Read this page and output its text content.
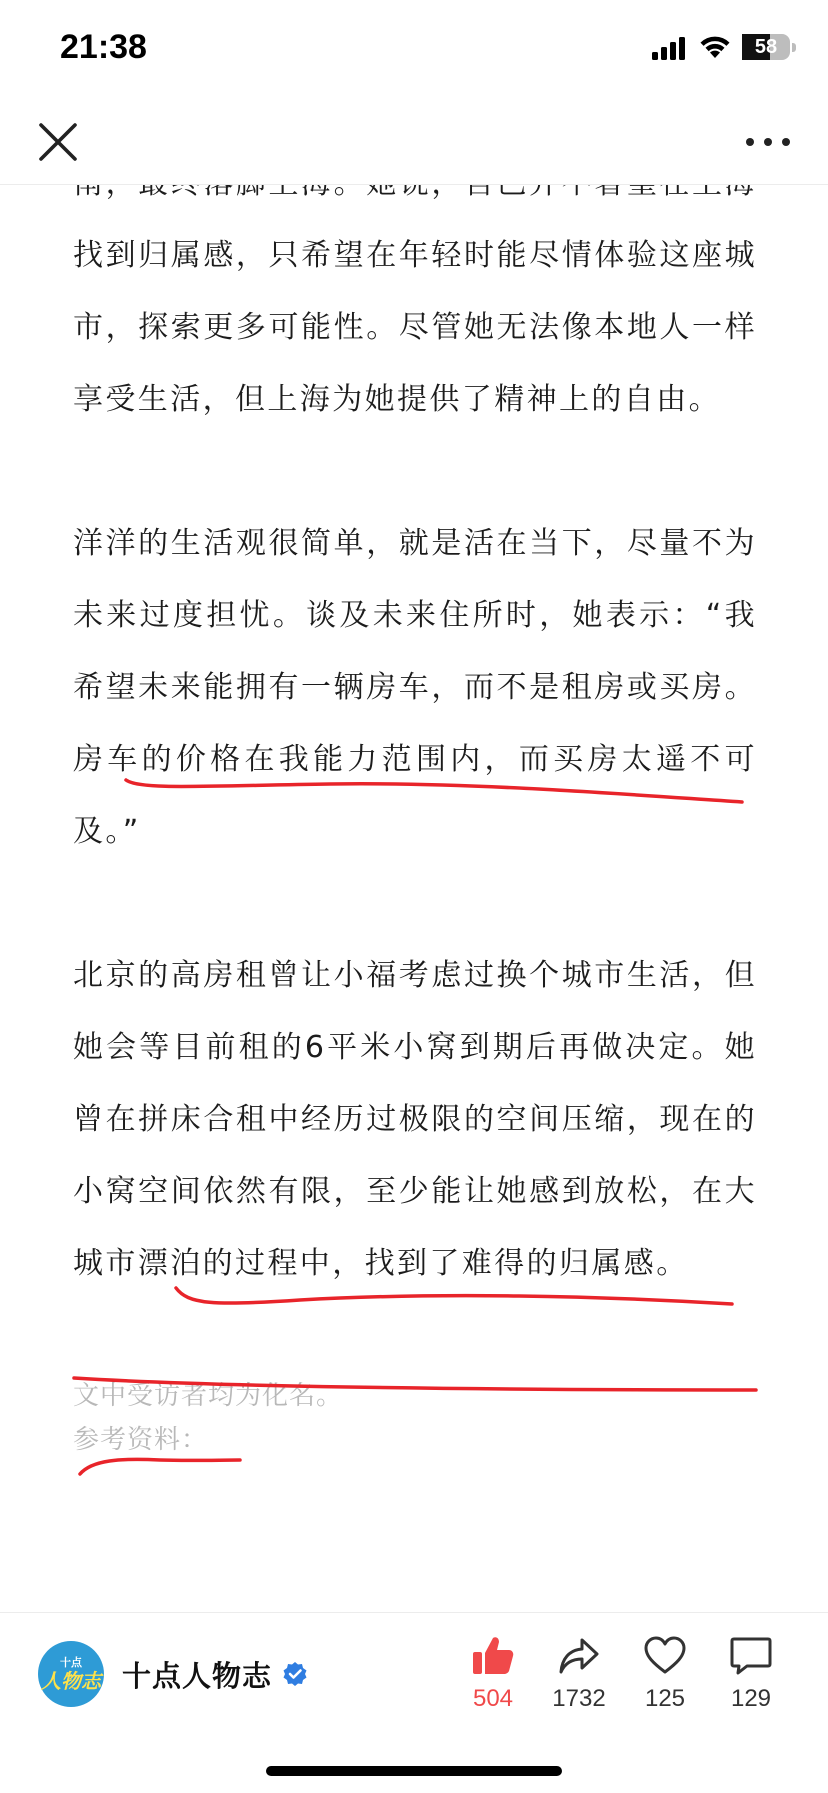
21:38	58

找到归属感，只希望在年轻时能尽情体验这座城市，探索更多可能性。尽管她无法像本地人一样享受生活，但上海为她提供了精神上的自由。

洋洋的生活观很简单，就是活在当下，尽量不为未来过度担忧。谈及未来住所时，她表示：“我希望未来能拥有一辆房车，而不是租房或买房。房车的价格在我能力范围内，而买房太遥不可及。”

北京的高房租曾让小福考虑过换个城市生活，但她会等目前租的6平米小窝到期后再做决定。她曾在拼床合租中经历过极限的空间压缩，现在的小窝空间依然有限，至少能让她感到放松，在大城市漂泊的过程中，找到了难得的归属感。

文中受访者均为化名。

参考资料：

十点
人物志 十点人物志
504	1732	125	129
